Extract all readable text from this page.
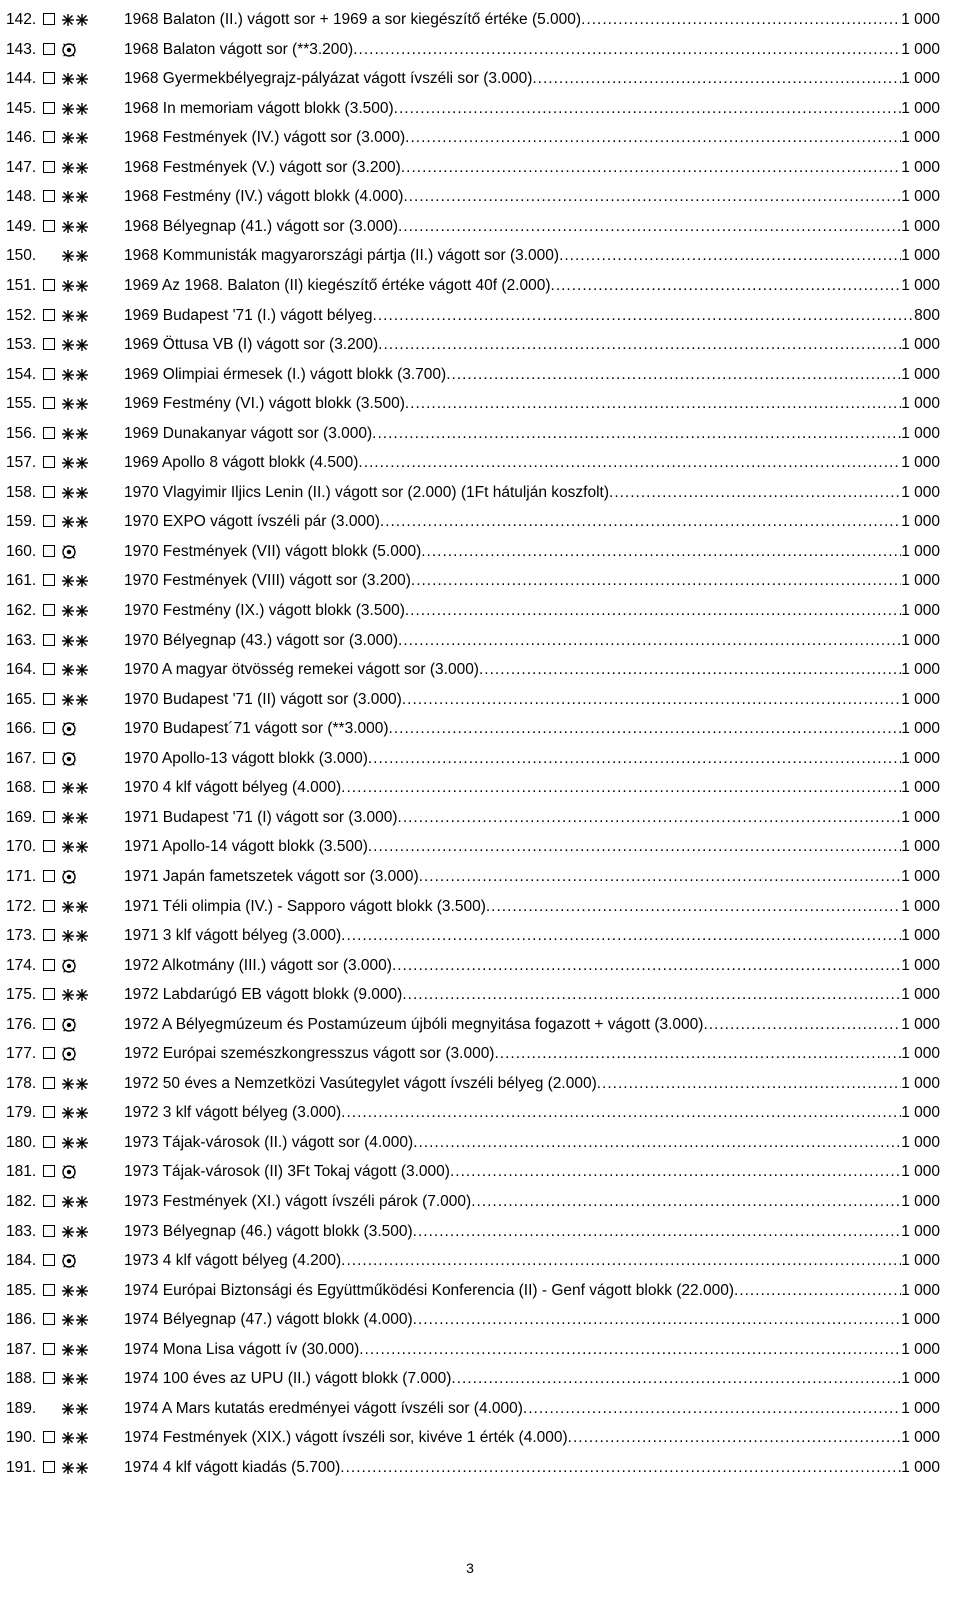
142.	1968 Balaton (II.) vágott sor + 1969 a sor kiegészítő értéke (5.000) .....	1 000
143.	1968 Balaton vágott sor (**3.200) .....	1 000
144.	1968 Gyermekbélyegrajz-pályázat vágott ívszéli sor (3.000) .....	1 000
145.	1968 In memoriam vágott blokk (3.500) .....	1 000
146.	1968 Festmények (IV.) vágott sor (3.000) .....	1 000
147.	1968 Festmények (V.) vágott sor (3.200) .....	1 000
148.	1968 Festmény (IV.) vágott blokk (4.000) .....	1 000
149.	1968 Bélyegnap (41.) vágott sor (3.000) .....	1 000
150.	1968 Kommunisták magyarországi pártja (II.) vágott sor (3.000) .....	1 000
151.	1969 Az 1968. Balaton (II) kiegészítő értéke vágott 40f (2.000) .....	1 000
152.	1969 Budapest '71 (I.) vágott bélyeg .....	800
153.	1969 Öttusa VB (I) vágott sor (3.200) .....	1 000
154.	1969 Olimpiai érmesek (I.) vágott blokk (3.700) .....	1 000
155.	1969 Festmény (VI.) vágott blokk (3.500) .....	1 000
156.	1969 Dunakanyar vágott sor (3.000) .....	1 000
157.	1969 Apollo 8 vágott blokk (4.500) .....	1 000
158.	1970 Vlagyimir Iljics Lenin (II.) vágott sor (2.000) (1Ft hátulján koszfolt) .....	1 000
159.	1970 EXPO vágott ívszéli pár (3.000) .....	1 000
160.	1970 Festmények (VII) vágott blokk (5.000) .....	1 000
161.	1970 Festmények (VIII) vágott sor (3.200) .....	1 000
162.	1970 Festmény (IX.) vágott blokk (3.500) .....	1 000
163.	1970 Bélyegnap (43.) vágott sor (3.000) .....	1 000
164.	1970 A magyar ötvösség remekei vágott sor (3.000) .....	1 000
165.	1970 Budapest '71 (II) vágott sor (3.000) .....	1 000
166.	1970 Budapest´71 vágott sor (**3.000) .....	1 000
167.	1970 Apollo-13 vágott blokk (3.000) .....	1 000
168.	1970 4 klf vágott bélyeg (4.000) .....	1 000
169.	1971 Budapest '71 (I) vágott sor (3.000) .....	1 000
170.	1971 Apollo-14 vágott blokk (3.500) .....	1 000
171.	1971 Japán fametszetek vágott sor (3.000) .....	1 000
172.	1971 Téli olimpia (IV.) - Sapporo vágott blokk (3.500) .....	1 000
173.	1971 3 klf vágott bélyeg (3.000) .....	1 000
174.	1972 Alkotmány (III.) vágott sor (3.000) .....	1 000
175.	1972 Labdarúgó EB vágott blokk (9.000) .....	1 000
176.	1972 A Bélyegmúzeum és Postamúzeum újbóli megnyitása fogazott + vágott (3.000) .....	1 000
177.	1972 Európai szemészkongresszus vágott sor (3.000) .....	1 000
178.	1972 50 éves a Nemzetközi Vasútegylet vágott ívszéli bélyeg (2.000) .....	1 000
179.	1972 3 klf vágott bélyeg (3.000) .....	1 000
180.	1973 Tájak-városok (II.) vágott sor (4.000) .....	1 000
181.	1973 Tájak-városok (II) 3Ft Tokaj vágott (3.000) .....	1 000
182.	1973 Festmények (XI.) vágott ívszéli párok (7.000) .....	1 000
183.	1973 Bélyegnap (46.) vágott blokk (3.500) .....	1 000
184.	1973 4 klf vágott bélyeg (4.200) .....	1 000
185.	1974 Európai Biztonsági és Együttműködési Konferencia (II) - Genf vágott blokk (22.000) .....	1 000
186.	1974 Bélyegnap (47.) vágott blokk (4.000) .....	1 000
187.	1974 Mona Lisa vágott ív (30.000) .....	1 000
188.	1974 100 éves az UPU (II.) vágott blokk (7.000) .....	1 000
189.	1974 A Mars kutatás eredményei vágott ívszéli sor (4.000) .....	1 000
190.	1974 Festmények (XIX.) vágott ívszéli sor, kivéve 1 érték (4.000) .....	1 000
191.	1974 4 klf vágott kiadás (5.700) .....	1 000
3
